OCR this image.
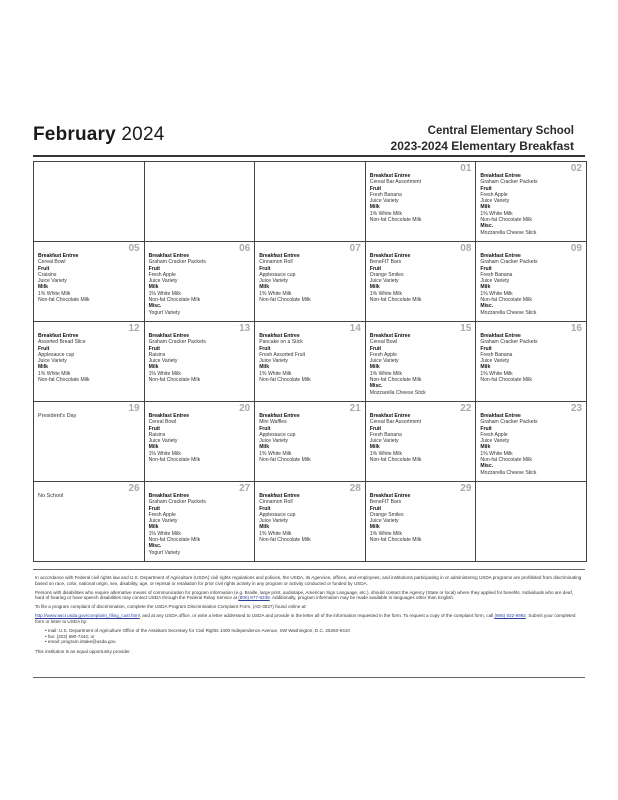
February 2024	Central Elementary School
2023-2024 Elementary Breakfast
01
Breakfast Entree
Cereal Bar Assortment
Fruit
Fresh Banana
Juice Variety
Milk
1% White Milk
Non-fat Chocolate Milk
02
Breakfast Entree
Graham Cracker Packets
Fruit
Fresh Apple
Juice Variety
Milk
1% White Milk
Non-fat Chocolate Milk
Misc.
Mozzarella Cheese Stick
05
Breakfast Entree
Cereal Bowl
Fruit
Craisins
Juice Variety
Milk
1% White Milk
Non-fat Chocolate Milk
06
Breakfast Entree
Graham Cracker Packets
Fruit
Fresh Apple
Juice Variety
Milk
1% White Milk
Non-fat Chocolate Milk
Misc.
Yogurt Variety
07
Breakfast Entree
Cinnamon Roll
Fruit
Applesauce cup
Juice Variety
Milk
1% White Milk
Non-fat Chocolate Milk
08
Breakfast Entree
BeneFIT Bars
Fruit
Orange Smiles
Juice Variety
Milk
1% White Milk
Non-fat Chocolate Milk
09
Breakfast Entree
Graham Cracker Packets
Fruit
Fresh Banana
Juice Variety
Milk
1% White Milk
Non-fat Chocolate Milk
Misc.
Mozzarella Cheese Stick
12
Breakfast Entree
Assorted Bread Slice
Fruit
Applesauce cup
Juice Variety
Milk
1% White Milk
Non-fat Chocolate Milk
13
Breakfast Entree
Graham Cracker Packets
Fruit
Raisins
Juice Variety
Milk
1% White Milk
Non-fat Chocolate Milk
14
Breakfast Entree
Pancake on a Stick
Fruit
Fresh Assorted Fruit
Juice Variety
Milk
1% White Milk
Non-fat Chocolate Milk
15
Breakfast Entree
Cereal Bowl
Fruit
Fresh Apple
Juice Variety
Milk
1% White Milk
Non-fat Chocolate Milk
Misc.
Mozzarella Cheese Stick
16
Breakfast Entree
Graham Cracker Packets
Fruit
Fresh Banana
Juice Variety
Milk
1% White Milk
Non-fat Chocolate Milk
19
President's Day
20
Breakfast Entree
Cereal Bowl
Fruit
Raisins
Juice Variety
Milk
1% White Milk
Non-fat Chocolate Milk
21
Breakfast Entree
Mini Waffles
Fruit
Applesauce cup
Juice Variety
Milk
1% White Milk
Non-fat Chocolate Milk
22
Breakfast Entree
Cereal Bar Assortment
Fruit
Fresh Banana
Juice Variety
Milk
1% White Milk
Non-fat Chocolate Milk
23
Breakfast Entree
Graham Cracker Packets
Fruit
Fresh Apple
Juice Variety
Milk
1% White Milk
Non-fat Chocolate Milk
Misc.
Mozzarella Cheese Stick
26
No School
27
Breakfast Entree
Graham Cracker Packets
Fruit
Fresh Apple
Juice Variety
Milk
1% White Milk
Non-fat Chocolate Milk
Misc.
Yogurt Variety
28
Breakfast Entree
Cinnamon Roll
Fruit
Applesauce cup
Juice Variety
Milk
1% White Milk
Non-fat Chocolate Milk
29
Breakfast Entree
BeneFIT Bars
Fruit
Orange Smiles
Juice Variety
Milk
1% White Milk
Non-fat Chocolate Milk

In accordance with Federal civil rights law and U.S. Department of Agriculture (USDA) civil rights regulations and policies, the USDA, its Agencies, offices, and employees, and institutions participating in or administering USDA programs are prohibited from discriminating based on race, color, national origin, sex, disability, age, or reprisal or retaliation for prior civil rights activity in any program or activity conducted or funded by USDA.

Persons with disabilities who require alternative means of communication for program information (e.g. Braille, large print, audiotape, American Sign Language, etc.), should contact the Agency (State or local) where they applied for benefits. Individuals who are deaf, hard of hearing or have speech disabilities may contact USDA through the Federal Relay Service at (800) 877-8339. Additionally, program information may be made available in languages other than English.

To file a program complaint of discrimination, complete the USDA Program Discrimination Complaint Form, (AD-3027) found online at:

http://www.ascr.usda.gov/complaint_filing_cust.html, and at any USDA office, or write a letter addressed to USDA and provide in the letter all of the information requested in the form. To request a copy of the complaint form, call (866) 632-9992. Submit your completed form or letter to USDA by:

• mail: U.S. Department of Agriculture Office of the Assistant Secretary for Civil Rights 1400 Independence Avenue, SW Washington, D.C. 20250-9410
• fax: (202) 690-7442; or
• email: program.intake@usda.gov.

This institution is an equal opportunity provider.
